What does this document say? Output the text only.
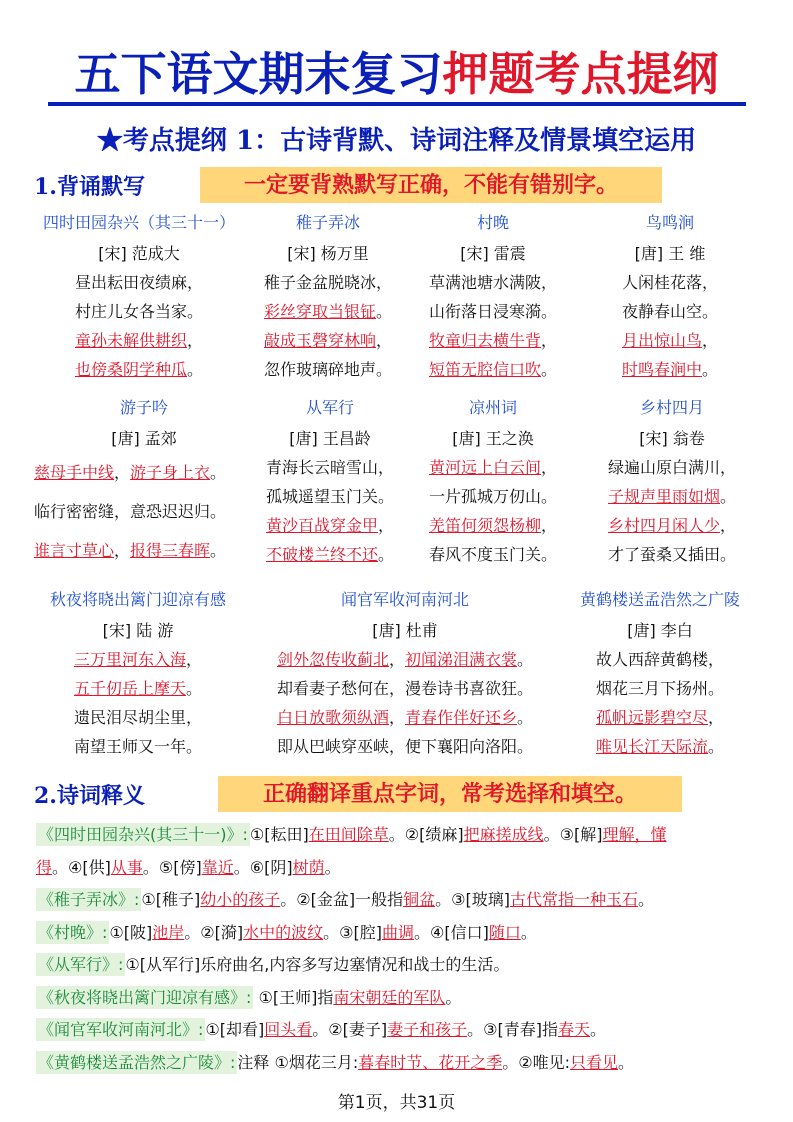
五下语文期末复习押题考点提纲
★考点提纲 1：古诗背默、诗词注释及情景填空运用
1.背诵默写	一定要背熟默写正确，不能有错别字。
四时田园杂兴（其三十一）
[宋] 范成大
昼出耘田夜绩麻，
村庄儿女各当家。
童孙未解供耕织，
也傍桑阴学种瓜。
稚子弄冰
[宋] 杨万里
稚子金盆脱晓冰，
彩丝穿取当银钲。
敲成玉磬穿林响，
忽作玻璃碎地声。
村晚
[宋] 雷震
草满池塘水满陂，
山衔落日浸寒漪。
牧童归去横牛背，
短笛无腔信口吹。
鸟鸣涧
[唐] 王 维
人闲桂花落，
夜静春山空。
月出惊山鸟，
时鸣春涧中。
游子吟
[唐] 孟郊
慈母手中线，游子身上衣。
临行密密缝，意恐迟迟归。
谁言寸草心，报得三春晖。
从军行
[唐] 王昌龄
青海长云暗雪山，
孤城遥望玉门关。
黄沙百战穿金甲，
不破楼兰终不还。
凉州词
[唐] 王之涣
黄河远上白云间，
一片孤城万仞山。
羌笛何须怨杨柳，
春风不度玉门关。
乡村四月
[宋] 翁卷
绿遍山原白满川，
子规声里雨如烟。
乡村四月闲人少，
才了蚕桑又插田。
秋夜将晓出篱门迎凉有感
[宋] 陆 游
三万里河东入海，
五千仞岳上摩天。
遗民泪尽胡尘里，
南望王师又一年。
闻官军收河南河北
[唐] 杜甫
剑外忽传收蓟北，初闻涕泪满衣裳。
却看妻子愁何在，漫卷诗书喜欲狂。
白日放歌须纵酒，青春作伴好还乡。
即从巴峡穿巫峡，便下襄阳向洛阳。
黄鹤楼送孟浩然之广陵
[唐] 李白
故人西辞黄鹤楼，
烟花三月下扬州。
孤帆远影碧空尽，
唯见长江天际流。
2.诗词释义	正确翻译重点字词，常考选择和填空。
《四时田园杂兴(其三十一)》: ①[耘田]在田间除草。②[绩麻]把麻搓成线。③[解]理解，懂
得。④[供]从事。⑤[傍]靠近。⑥[阴]树荫。
《稚子弄冰》: ①[稚子]幼小的孩子。②[金盆]一般指铜盆。③[玻璃]古代常指一种玉石。
《村晚》: ①[陂]池岸。②[漪]水中的波纹。③[腔]曲调。④[信口]随口。
《从军行》: ①[从军行]乐府曲名,内容多写边塞情况和战士的生活。
《秋夜将晓出篱门迎凉有感》: ①[王师]指南宋朝廷的军队。
《闻官军收河南河北》: ①[却看]回头看。②[妻子]妻子和孩子。③[青春]指春天。
《黄鹤楼送孟浩然之广陵》: 注释 ①烟花三月:暮春时节、花开之季。②唯见:只看见。
第1页，共31页
